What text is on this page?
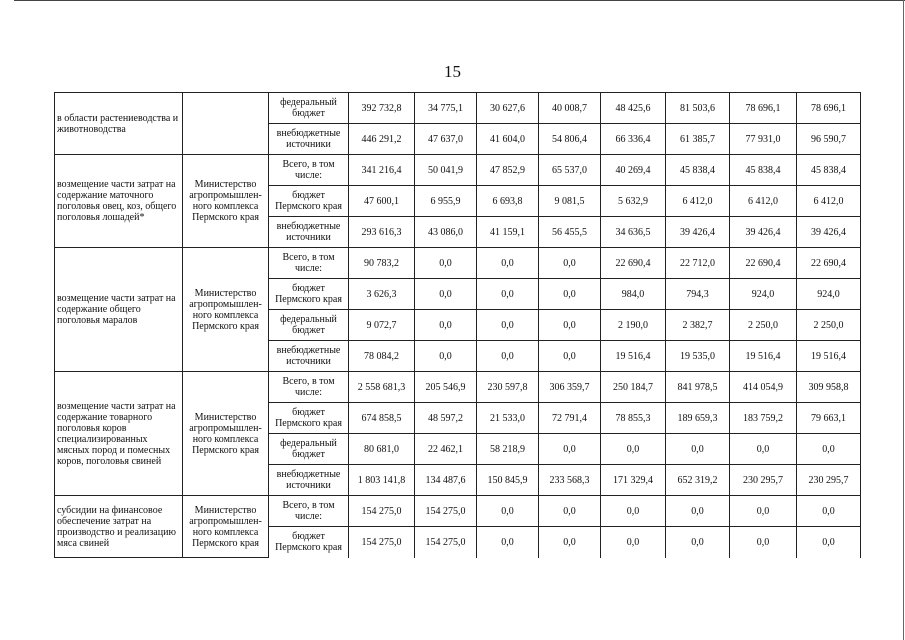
15
в области растениеводства и животноводства		федеральный бюджет	392 732,8	34 775,1	30 627,6	40 008,7	48 425,6	81 503,6	78 696,1	78 696,1
		внебюджетные источники	446 291,2	47 637,0	41 604,0	54 806,4	66 336,4	61 385,7	77 931,0	96 590,7
возмещение части затрат на содержание маточного поголовья овец, коз, общего поголовья лошадей*	Министерство агропромышлен-ного комплекса Пермского края	Всего, в том числе:	341 216,4	50 041,9	47 852,9	65 537,0	40 269,4	45 838,4	45 838,4	45 838,4
		бюджет Пермского края	47 600,1	6 955,9	6 693,8	9 081,5	5 632,9	6 412,0	6 412,0	6 412,0
		внебюджетные источники	293 616,3	43 086,0	41 159,1	56 455,5	34 636,5	39 426,4	39 426,4	39 426,4
возмещение части затрат на содержание общего поголовья маралов	Министерство агропромышлен-ного комплекса Пермского края	Всего, в том числе:	90 783,2	0,0	0,0	0,0	22 690,4	22 712,0	22 690,4	22 690,4
		бюджет Пермского края	3 626,3	0,0	0,0	0,0	984,0	794,3	924,0	924,0
		федеральный бюджет	9 072,7	0,0	0,0	0,0	2 190,0	2 382,7	2 250,0	2 250,0
		внебюджетные источники	78 084,2	0,0	0,0	0,0	19 516,4	19 535,0	19 516,4	19 516,4
возмещение части затрат на содержание товарного поголовья коров специализированных мясных пород и помесных коров, поголовья свиней	Министерство агропромышлен-ного комплекса Пермского края	Всего, в том числе:	2 558 681,3	205 546,9	230 597,8	306 359,7	250 184,7	841 978,5	414 054,9	309 958,8
		бюджет Пермского края	674 858,5	48 597,2	21 533,0	72 791,4	78 855,3	189 659,3	183 759,2	79 663,1
		федеральный бюджет	80 681,0	22 462,1	58 218,9	0,0	0,0	0,0	0,0	0,0
		внебюджетные источники	1 803 141,8	134 487,6	150 845,9	233 568,3	171 329,4	652 319,2	230 295,7	230 295,7
субсидии на финансовое обеспечение затрат на производство и реализацию мяса свиней	Министерство агропромышлен-ного комплекса Пермского края	Всего, в том числе:	154 275,0	154 275,0	0,0	0,0	0,0	0,0	0,0	0,0
		бюджет Пермского края	154 275,0	154 275,0	0,0	0,0	0,0	0,0	0,0	0,0
